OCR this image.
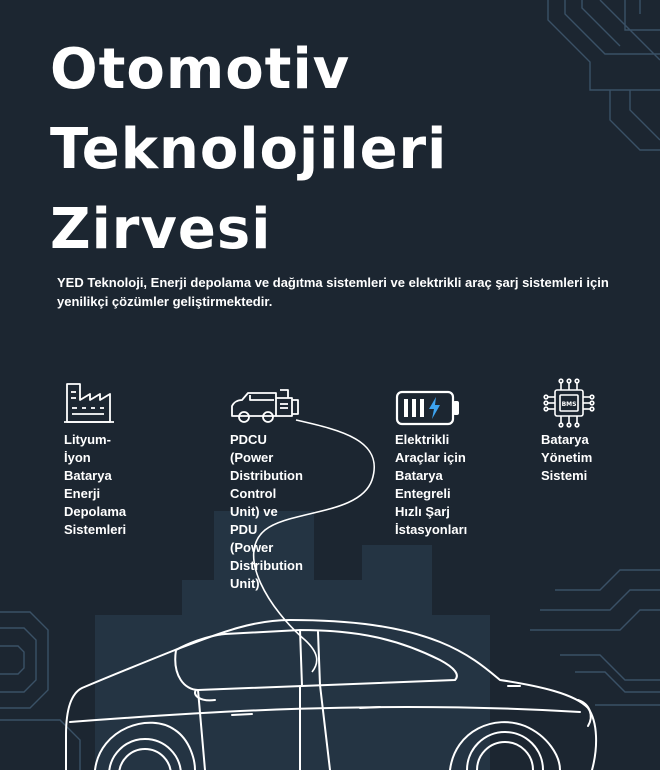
Otomotiv
Teknolojileri
Zirvesi
YED Teknoloji, Enerji depolama ve dağıtma sistemleri ve elektrikli araç şarj sistemleri için
yenilikçi çözümler geliştirmektedir.
Lityum-İyon Batarya
Enerji Depolama
Sistemleri
PDCU (Power
Distribution Control
Unit) ve PDU (Power
Distribution Unit)
Elektrikli Araçlar için
Batarya Entegreli
Hızlı Şarj
İstasyonları
BMS
Batarya Yönetim
Sistemi
